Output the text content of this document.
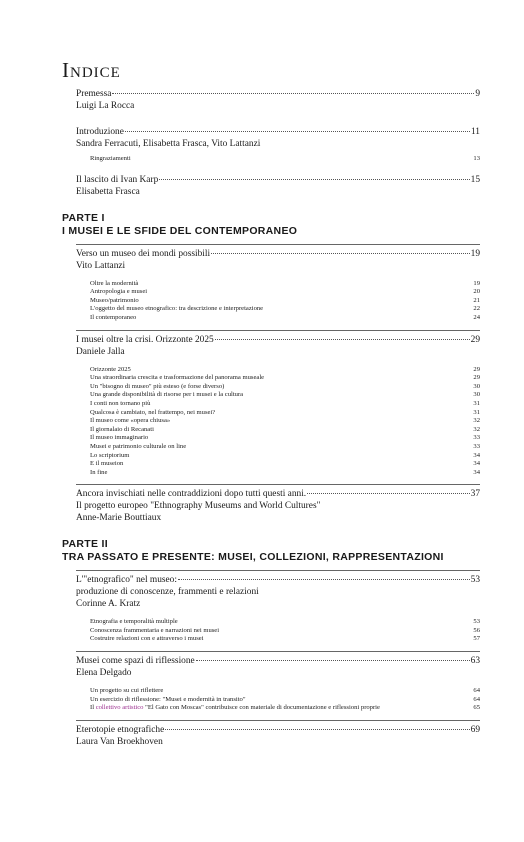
Indice
Premessa	9
Luigi La Rocca
Introduzione	11
Sandra Ferracuti, Elisabetta Frasca, Vito Lattanzi
Ringraziamenti	13
Il lascito di Ivan Karp	15
Elisabetta Frasca
PARTE I
I MUSEI E LE SFIDE DEL CONTEMPORANEO
Verso un museo dei mondi possibili	19
Vito Lattanzi
Oltre la modernità	19
Antropologia e musei	20
Museo/patrimonio	21
L'oggetto del museo etnografico: tra descrizione e interpretazione	22
Il contemporaneo	24
I musei oltre la crisi. Orizzonte 2025	29
Daniele Jalla
Orizzonte 2025	29
Una straordinaria crescita e trasformazione del panorama museale	29
Un "bisogno di museo" più esteso (e forse diverso)	30
Una grande disponibilità di risorse per i musei e la cultura	30
I conti non tornano più	31
Qualcosa è cambiato, nel frattempo, nei musei?	31
Il museo come «opera chiusa»	32
Il giornalaio di Recanati	32
Il museo immaginario	33
Musei e patrimonio culturale on line	33
Lo scriptorium	34
E il museion	34
In fine	34
Ancora invischiati nelle contraddizioni dopo tutti questi anni.	37
Il progetto europeo "Ethnography Museums and World Cultures"
Anne-Marie Bouttiaux
PARTE II
TRA PASSATO E PRESENTE: MUSEI, COLLEZIONI, RAPPRESENTAZIONI
L'"etnografico" nel museo:	53
produzione di conoscenze, frammenti e relazioni
Corinne A. Kratz
Etnografia e temporalità multiple	53
Conoscenza frammentaria e narrazioni nei musei	56
Costruire relazioni con e attraverso i musei	57
Musei come spazi di riflessione	63
Elena Delgado
Un progetto su cui riflettere	64
Un esercizio di riflessione: "Musei e modernità in transito"	64
Il collettivo artistico "El Gato con Moscas" contribuisce con materiale di documentazione e riflessioni proprie	65
Eterotopie etnografiche	69
Laura Van Broekhoven
